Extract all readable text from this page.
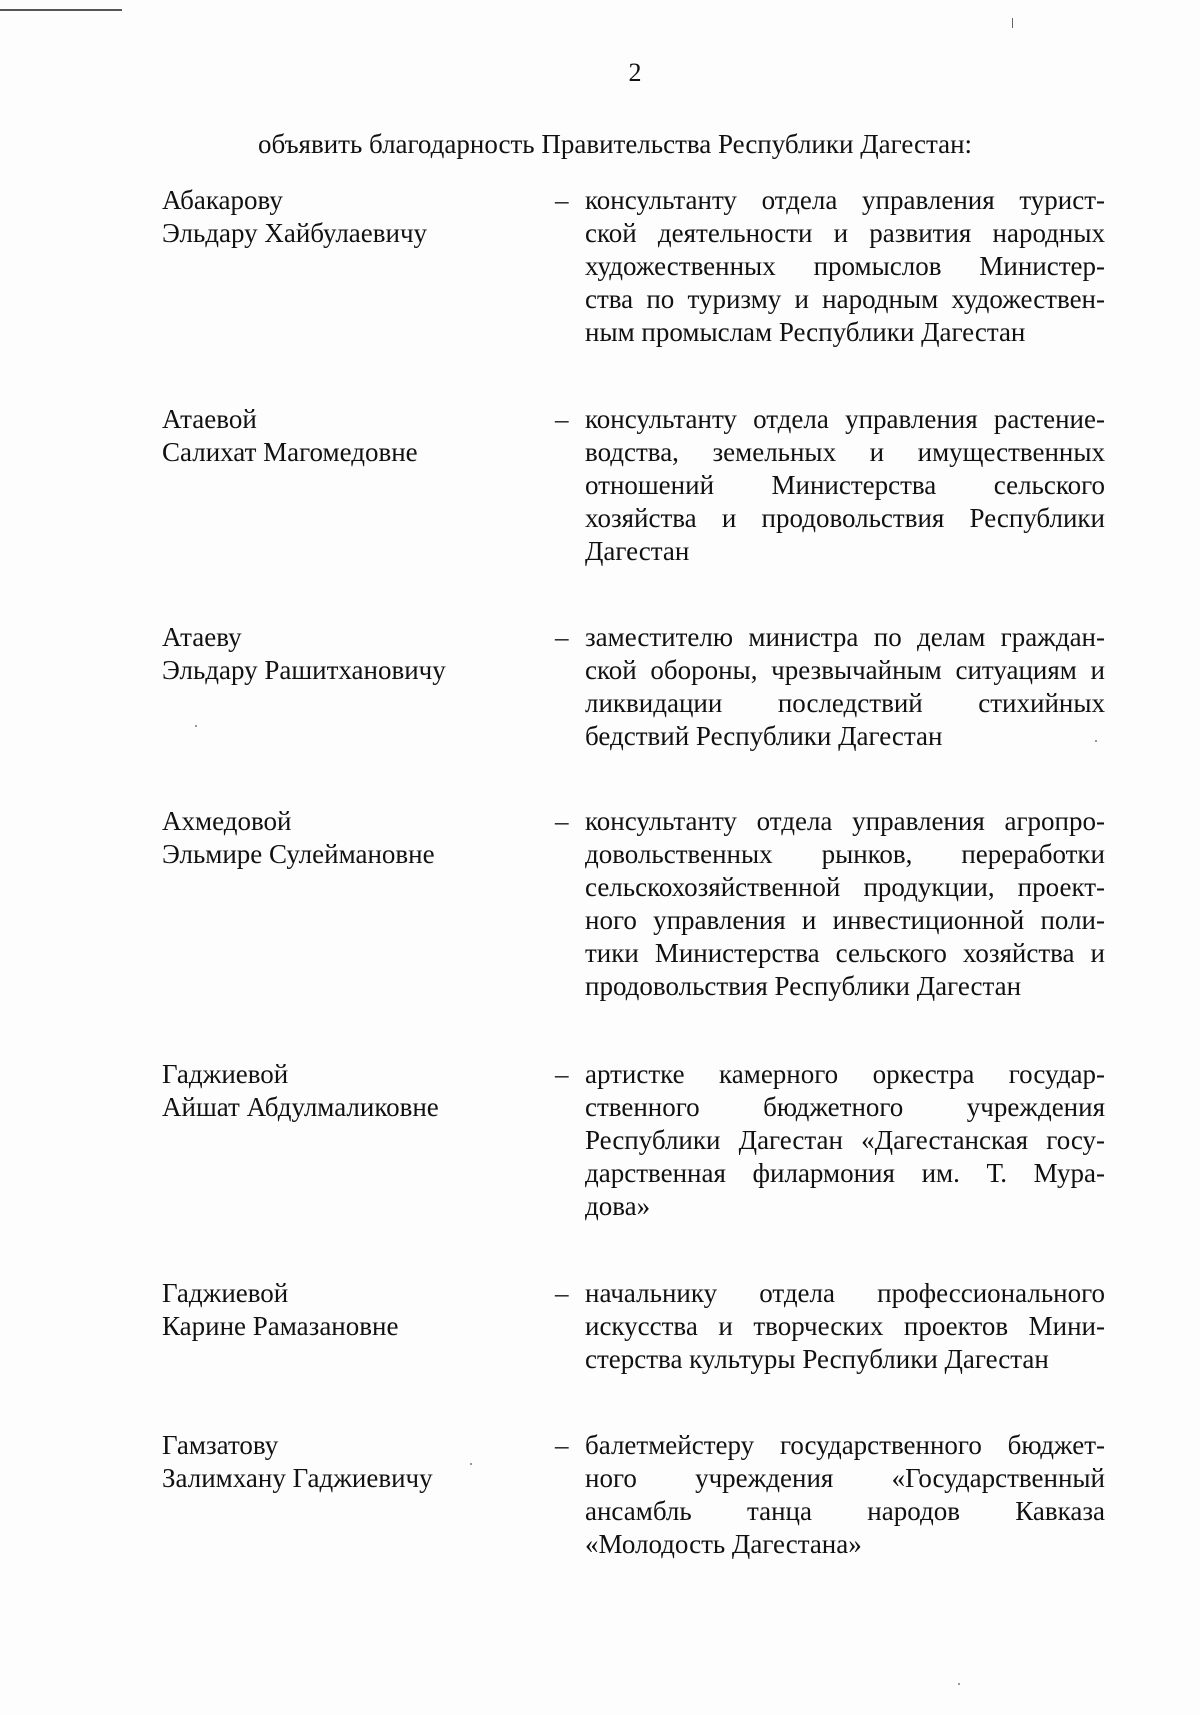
2
объявить благодарность Правительства Республики Дагестан:
Абакарову
Эльдару Хайбулаевичу
– консультанту отдела управления турист-
ской деятельности и развития народных
художественных промыслов Министер-
ства по туризму и народным художествен-
ным промыслам Республики Дагестан
Атаевой
Салихат Магомедовне
– консультанту отдела управления растение-
водства, земельных и имущественных
отношений Министерства сельского
хозяйства и продовольствия Республики
Дагестан
Атаеву
Эльдару Рашитхановичу
– заместителю министра по делам граждан-
ской обороны, чрезвычайным ситуациям и
ликвидации последствий стихийных
бедствий Республики Дагестан
Ахмедовой
Эльмире Сулеймановне
– консультанту отдела управления агропро-
довольственных рынков, переработки
сельскохозяйственной продукции, проект-
ного управления и инвестиционной поли-
тики Министерства сельского хозяйства и
продовольствия Республики Дагестан
Гаджиевой
Айшат Абдулмаликовне
– артистке камерного оркестра государ-
ственного бюджетного учреждения
Республики Дагестан «Дагестанская госу-
дарственная филармония им. Т. Мура-
дова»
Гаджиевой
Карине Рамазановне
– начальнику отдела профессионального
искусства и творческих проектов Мини-
стерства культуры Республики Дагестан
Гамзатову
Залимхану Гаджиевичу
– балетмейстеру государственного бюджет-
ного учреждения «Государственный
ансамбль танца народов Кавказа
«Молодость Дагестана»
